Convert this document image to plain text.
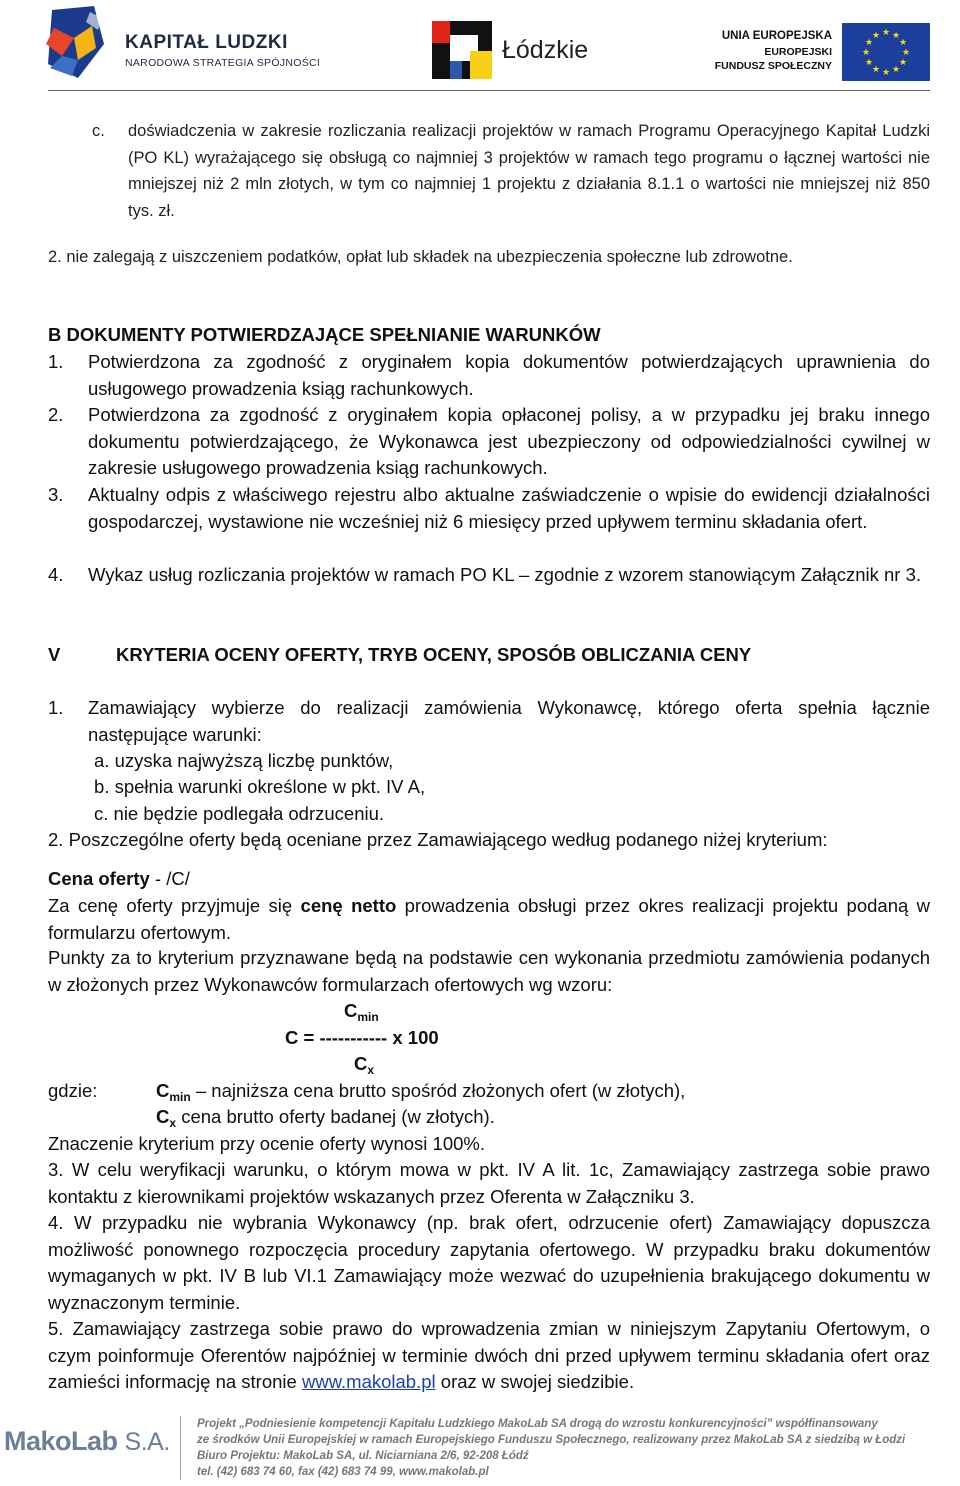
KAPITAŁ LUDZKI
NARODOWA STRATEGIA SPÓJNOŚCI	Łódzkie	UNIA EUROPEJSKA
EUROPEJSKI
FUNDUSZ SPOŁECZNY
★ ★
★
★
★
★
★
★
★
★
★
★
c. doświadczenia w zakresie rozliczania realizacji projektów w ramach Programu Operacyjnego Kapitał Ludzki (PO KL) wyrażającego się obsługą co najmniej 3 projektów w ramach tego programu o łącznej wartości nie mniejszej niż 2 mln złotych, w tym co najmniej 1 projektu z działania 8.1.1 o wartości nie mniejszej niż 850 tys. zł.
2. nie zalegają z uiszczeniem podatków, opłat lub składek na ubezpieczenia społeczne lub zdrowotne.
B DOKUMENTY POTWIERDZAJĄCE SPEŁNIANIE WARUNKÓW
1.	Potwierdzona za zgodność z oryginałem kopia dokumentów potwierdzających uprawnienia do usługowego prowadzenia ksiąg rachunkowych.
2.	Potwierdzona za zgodność z oryginałem kopia opłaconej polisy, a w przypadku jej braku innego dokumentu potwierdzającego, że Wykonawca jest ubezpieczony od odpowiedzialności cywilnej w zakresie usługowego prowadzenia ksiąg rachunkowych.
3.	Aktualny odpis z właściwego rejestru albo aktualne zaświadczenie o wpisie do ewidencji działalności gospodarczej, wystawione nie wcześniej niż 6 miesięcy przed upływem terminu składania ofert.
4.	Wykaz usług rozliczania projektów w ramach PO KL – zgodnie z wzorem stanowiącym Załącznik nr 3.
V	KRYTERIA OCENY OFERTY, TRYB OCENY, SPOSÓB OBLICZANIA CENY
1.	Zamawiający wybierze do realizacji zamówienia Wykonawcę, którego oferta spełnia łącznie następujące warunki:
a. uzyska najwyższą liczbę punktów,
b. spełnia warunki określone w pkt. IV A,
c. nie będzie podlegała odrzuceniu.
2. Poszczególne oferty będą oceniane przez Zamawiającego według podanego niżej kryterium:
Cena oferty - /C/
Za cenę oferty przyjmuje się cenę netto prowadzenia obsługi przez okres realizacji projektu podaną w formularzu ofertowym.
Punkty za to kryterium przyznawane będą na podstawie cen wykonania przedmiotu zamówienia podanych w złożonych przez Wykonawców formularzach ofertowych wg wzoru:
$C_{min}$
C = ----------- x 100
$C_x$
gdzie:	$C_{min}$ – najniższa cena brutto spośród złożonych ofert (w złotych),
$C_x$ cena brutto oferty badanej (w złotych).
Znaczenie kryterium przy ocenie oferty wynosi 100%.
3. W celu weryfikacji warunku, o którym mowa w pkt. IV A lit. 1c, Zamawiający zastrzega sobie prawo kontaktu z kierownikami projektów wskazanych przez Oferenta w Załączniku 3.
4. W przypadku nie wybrania Wykonawcy (np. brak ofert, odrzucenie ofert) Zamawiający dopuszcza możliwość ponownego rozpoczęcia procedury zapytania ofertowego. W przypadku braku dokumentów wymaganych w pkt. IV B lub VI.1 Zamawiający może wezwać do uzupełnienia brakującego dokumentu w wyznaczonym terminie.
5. Zamawiający zastrzega sobie prawo do wprowadzenia zmian w niniejszym Zapytaniu Ofertowym, o czym poinformuje Oferentów najpóźniej w terminie dwóch dni przed upływem terminu składania ofert oraz zamieści informację na stronie www.makolab.pl oraz w swojej siedzibie.
MakoLab S.A.
Projekt „Podniesienie kompetencji Kapitału Ludzkiego MakoLab SA drogą do wzrostu konkurencyjności” współfinansowany
ze środków Unii Europejskiej w ramach Europejskiego Funduszu Społecznego, realizowany przez MakoLab SA z siedzibą w Łodzi
Biuro Projektu: MakoLab SA, ul. Niciarniana 2/6, 92-208 Łódź
tel. (42) 683 74 60, fax (42) 683 74 99, www.makolab.pl
